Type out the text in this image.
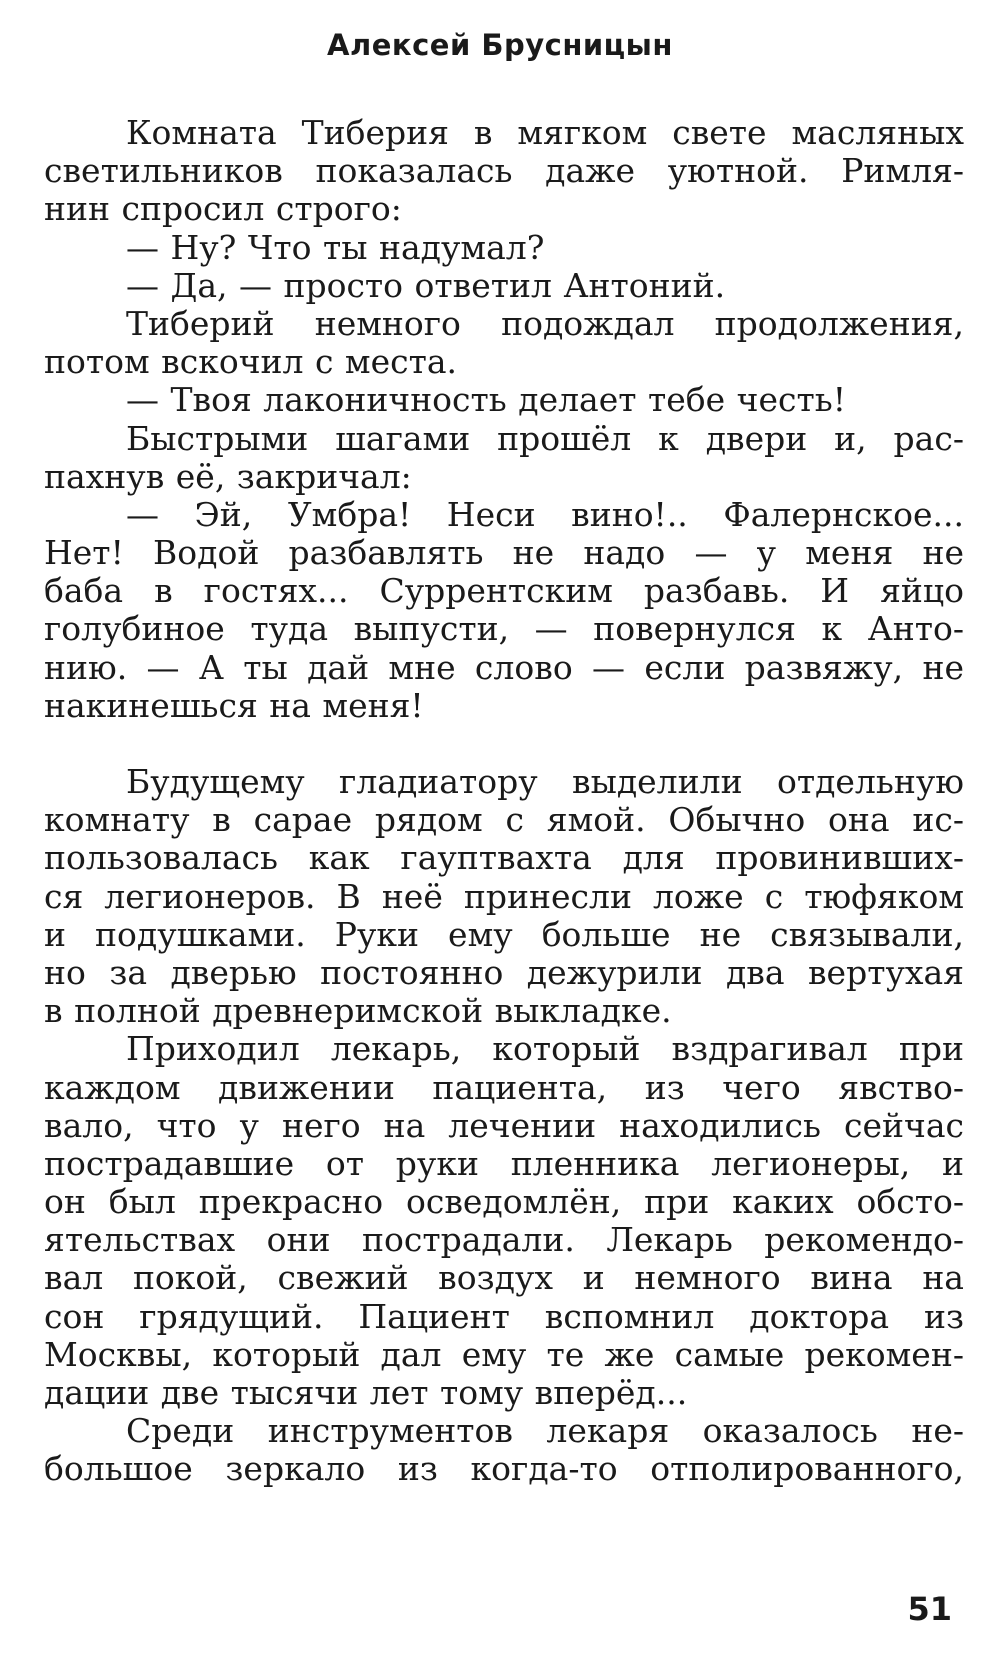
Алексей Брусницын
Комната Тиберия в мягком свете масляных
светильников показалась даже уютной. Римля-
нин спросил строго:
— Ну? Что ты надумал?
— Да, — просто ответил Антоний.
Тиберий немного подождал продолжения,
потом вскочил с места.
— Твоя лаконичность делает тебе честь!
Быстрыми шагами прошёл к двери и, рас-
пахнув её, закричал:
— Эй, Умбра! Неси вино!.. Фалернское...
Нет! Водой разбавлять не надо — у меня не
баба в гостях... Суррентским разбавь. И яйцо
голубиное туда выпусти, — повернулся к Анто-
нию. — А ты дай мне слово — если развяжу, не
накинешься на меня!
Будущему гладиатору выделили отдельную
комнату в сарае рядом с ямой. Обычно она ис-
пользовалась как гауптвахта для провинивших-
ся легионеров. В неё принесли ложе с тюфяком
и подушками. Руки ему больше не связывали,
но за дверью постоянно дежурили два вертухая
в полной древнеримской выкладке.
Приходил лекарь, который вздрагивал при
каждом движении пациента, из чего явство-
вало, что у него на лечении находились сейчас
пострадавшие от руки пленника легионеры, и
он был прекрасно осведомлён, при каких обсто-
ятельствах они пострадали. Лекарь рекомендо-
вал покой, свежий воздух и немного вина на
сон грядущий. Пациент вспомнил доктора из
Москвы, который дал ему те же самые рекомен-
дации две тысячи лет тому вперёд...
Среди инструментов лекаря оказалось не-
большое зеркало из когда-то отполированного,
51
